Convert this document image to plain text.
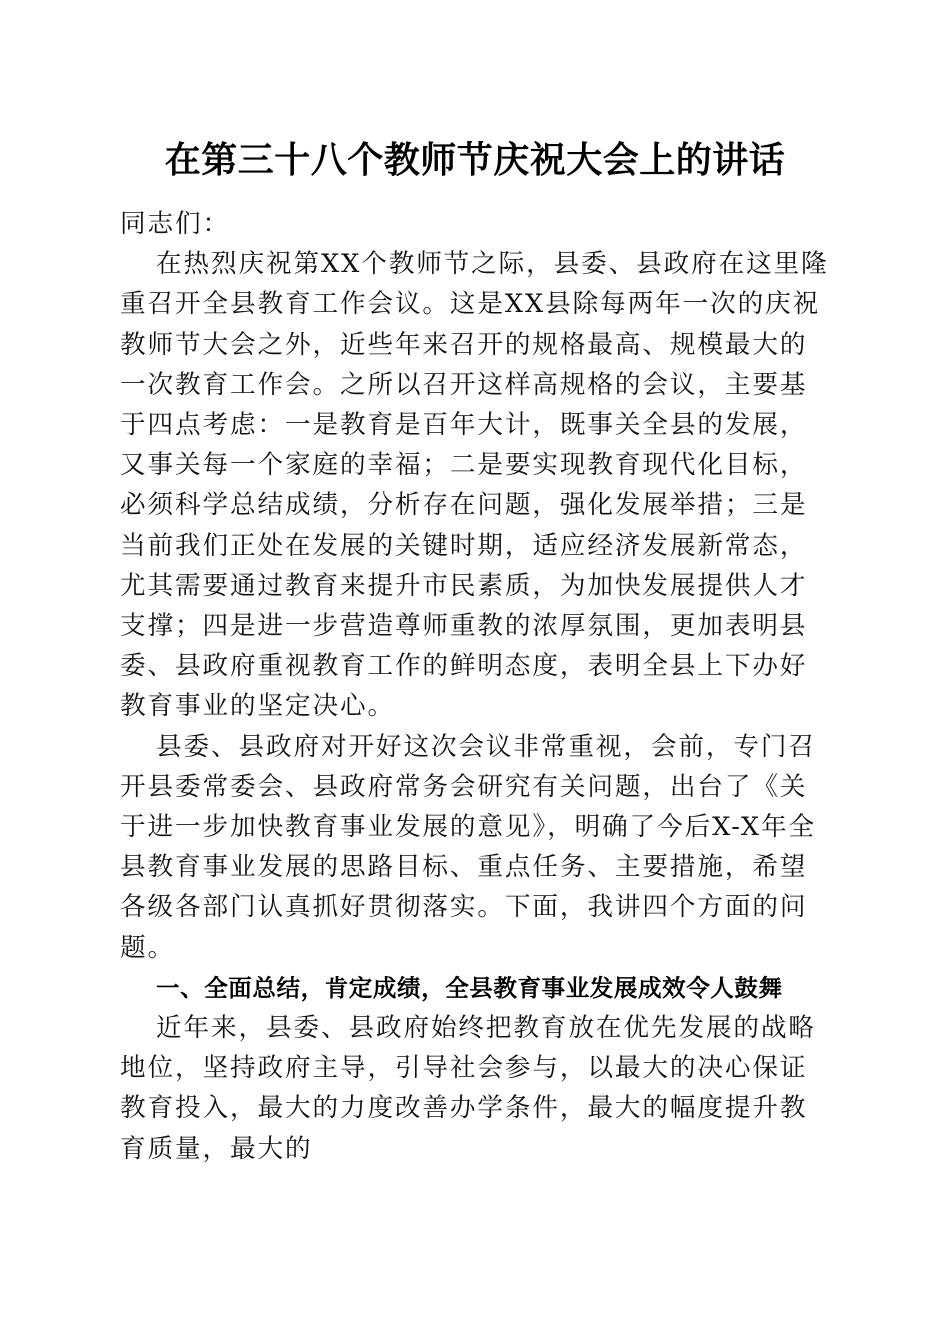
在第三十八个教师节庆祝大会上的讲话

同志们：

在热烈庆祝第XX个教师节之际，县委、县政府在这里隆重召开全县教育工作会议。这是XX县除每两年一次的庆祝教师节大会之外，近些年来召开的规格最高、规模最大的一次教育工作会。之所以召开这样高规格的会议，主要基于四点考虑：一是教育是百年大计，既事关全县的发展，又事关每一个家庭的幸福；二是要实现教育现代化目标，必须科学总结成绩，分析存在问题，强化发展举措；三是当前我们正处在发展的关键时期，适应经济发展新常态，尤其需要通过教育来提升市民素质，为加快发展提供人才支撑；四是进一步营造尊师重教的浓厚氛围，更加表明县委、县政府重视教育工作的鲜明态度，表明全县上下办好教育事业的坚定决心。

县委、县政府对开好这次会议非常重视，会前，专门召开县委常委会、县政府常务会研究有关问题，出台了《关于进一步加快教育事业发展的意见》，明确了今后X-X年全县教育事业发展的思路目标、重点任务、主要措施，希望各级各部门认真抓好贯彻落实。下面，我讲四个方面的问题。

一、全面总结，肯定成绩，全县教育事业发展成效令人鼓舞

近年来，县委、县政府始终把教育放在优先发展的战略地位，坚持政府主导，引导社会参与，以最大的决心保证教育投入，最大的力度改善办学条件，最大的幅度提升教育质量，最大的
